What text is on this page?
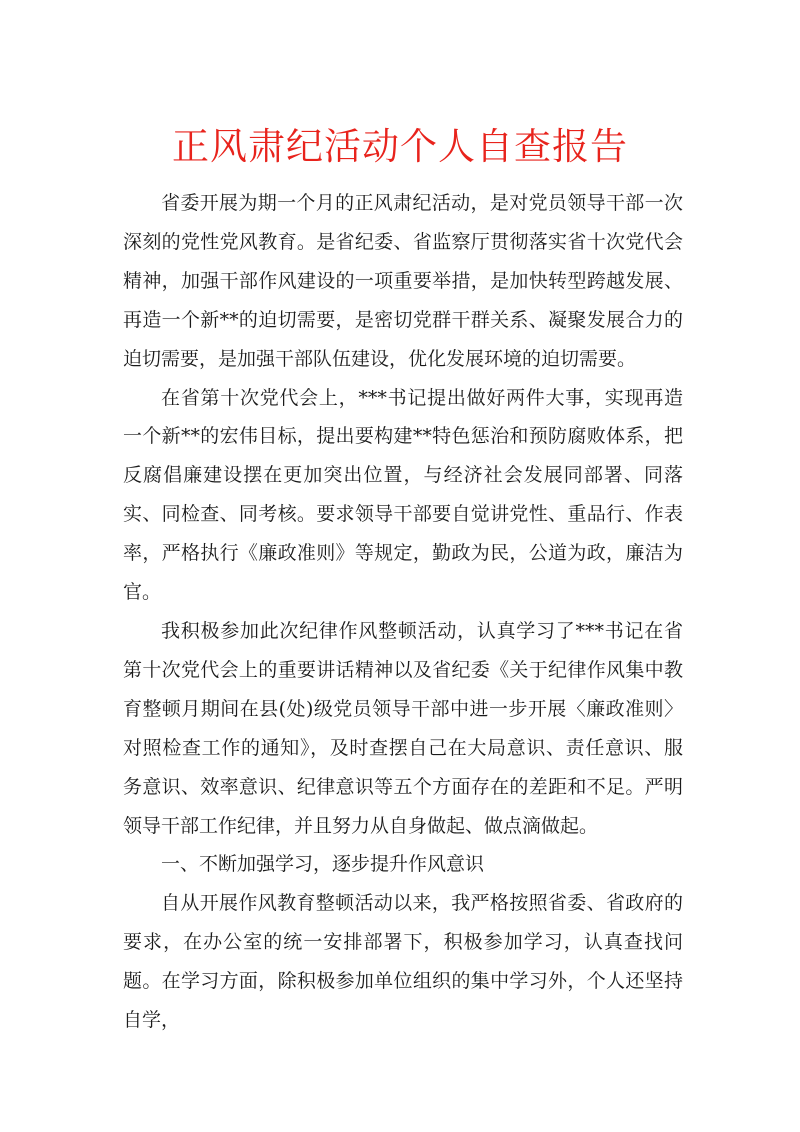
正风肃纪活动个人自查报告

省委开展为期一个月的正风肃纪活动，是对党员领导干部一次深刻的党性党风教育。是省纪委、省监察厅贯彻落实省十次党代会精神，加强干部作风建设的一项重要举措，是加快转型跨越发展、再造一个新**的迫切需要，是密切党群干群关系、凝聚发展合力的迫切需要，是加强干部队伍建设，优化发展环境的迫切需要。

在省第十次党代会上，***书记提出做好两件大事，实现再造一个新**的宏伟目标，提出要构建**特色惩治和预防腐败体系，把反腐倡廉建设摆在更加突出位置，与经济社会发展同部署、同落实、同检查、同考核。要求领导干部要自觉讲党性、重品行、作表率，严格执行《廉政准则》等规定，勤政为民，公道为政，廉洁为官。

我积极参加此次纪律作风整顿活动，认真学习了***书记在省第十次党代会上的重要讲话精神以及省纪委《关于纪律作风集中教育整顿月期间在县(处)级党员领导干部中进一步开展〈廉政准则〉对照检查工作的通知》，及时查摆自己在大局意识、责任意识、服务意识、效率意识、纪律意识等五个方面存在的差距和不足。严明领导干部工作纪律，并且努力从自身做起、做点滴做起。

一、不断加强学习，逐步提升作风意识

自从开展作风教育整顿活动以来，我严格按照省委、省政府的要求，在办公室的统一安排部署下，积极参加学习，认真查找问题。在学习方面，除积极参加单位组织的集中学习外，个人还坚持自学，
